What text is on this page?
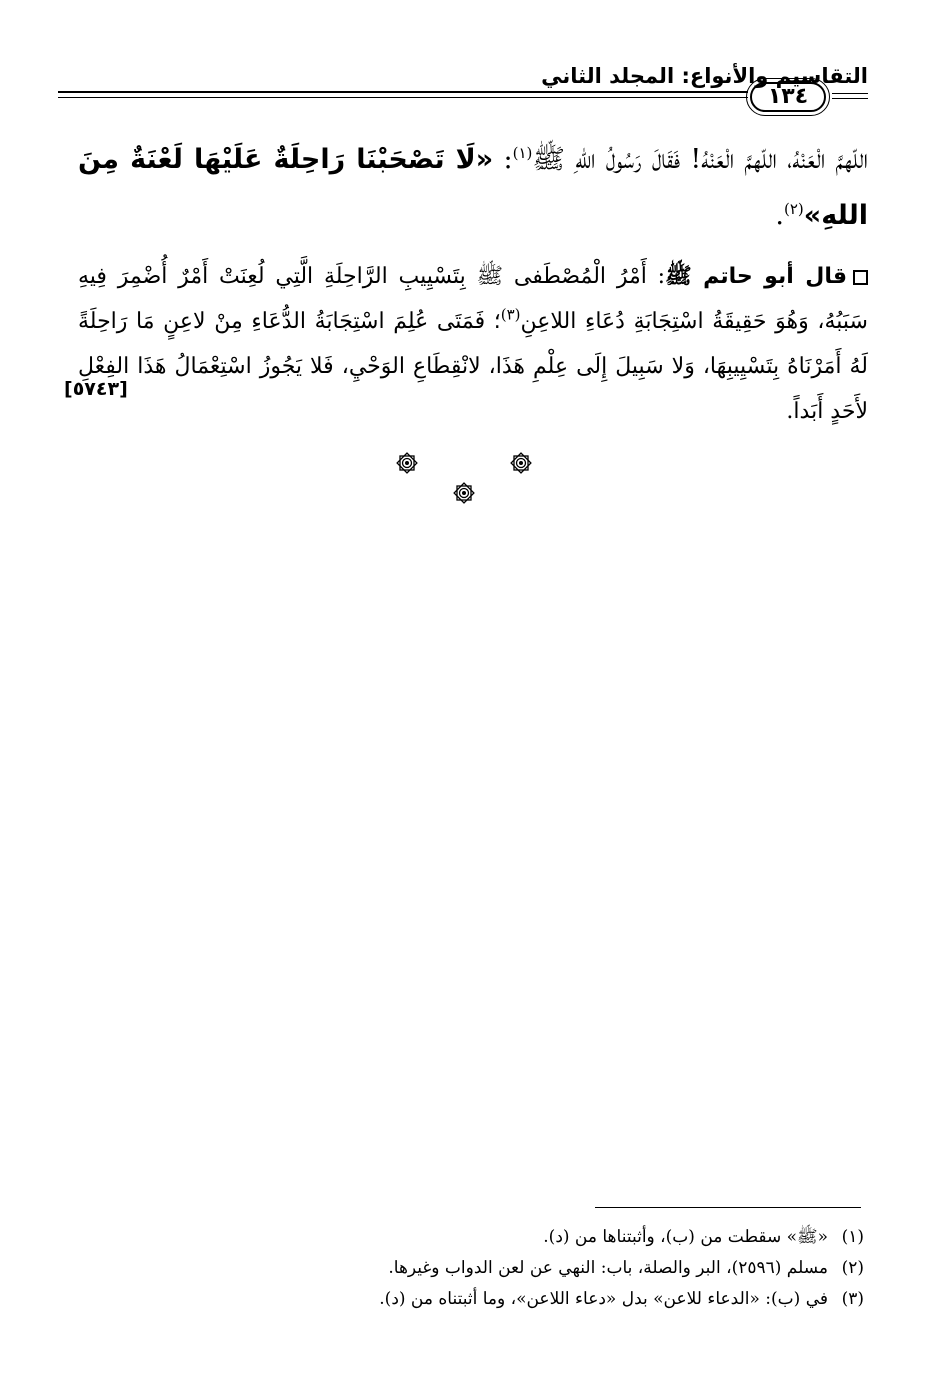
التقاسيم والأنواع: المجلد الثاني
١٣٤

اللّهمَّ الْعَنْهُ، اللّهمَّ الْعَنْهُ! فَقَالَ رَسُولُ اللهِ ﷺ$^{(١)}$: «لَا تَصْحَبْنَا رَاحِلَةٌ عَلَيْهَا لَعْنَةٌ مِنَ اللهِ»$^{(٢)}$.

قال أبو حاتم ﷺ: أَمْرُ الْمُصْطَفى ﷺ بِتَسْيِيبِ الرَّاحِلَةِ الَّتِي لُعِنَتْ أَمْرٌ أُضْمِرَ فِيهِ سَبَبُهُ، وَهُوَ حَقِيقَةُ اسْتِجَابَةِ دُعَاءِ اللاعِنِ$^{(٣)}$؛ فَمَتَى عُلِمَ اسْتِجَابَةُ الدُّعَاءِ مِنْ لاعِنٍ مَا رَاحِلَةً لَهُ أَمَرْنَاهُ بِتَسْيِيبِهَا، وَلا سَبِيلَ إِلَى عِلْمِ هَذَا، لانْقِطَاعِ الوَحْيِ، فَلا يَجُوزُ اسْتِعْمَالُ هَذَا الفِعْلِ لأَحَدٍ أَبَداً.

[٥٧٤٣]
(١)«ﷺ» سقطت من (ب)، وأثبتناها من (د).
(٢)مسلم (٢٥٩٦)، البر والصلة، باب: النهي عن لعن الدواب وغيرها.
(٣)في (ب): «الدعاء للاعن» بدل «دعاء اللاعن»، وما أثبتناه من (د).
